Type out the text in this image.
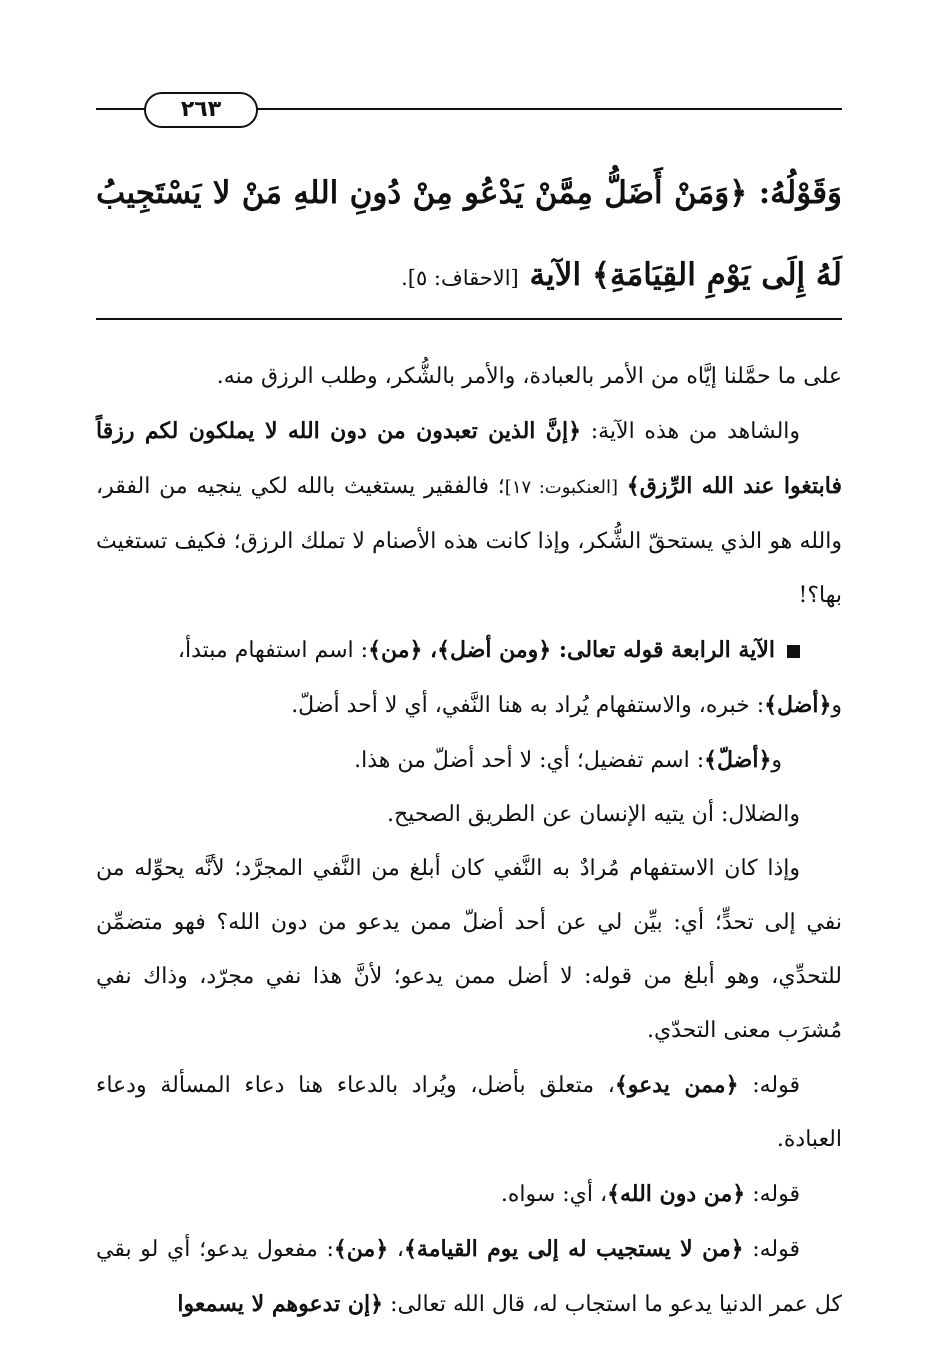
٢٦٣
وَقَوْلُهُ: ﴿وَمَنْ أَضَلُّ مِمَّنْ يَدْعُو مِنْ دُونِ اللهِ مَنْ لا يَسْتَجِيبُ لَهُ إِلَى يَوْمِ القِيَامَةِ﴾ الآية [الاحقاف: ٥].

على ما حمَّلنا إيَّاه من الأمر بالعبادة، والأمر بالشُّكر، وطلب الرزق منه.

والشاهد من هذه الآية: ﴿إنَّ الذين تعبدون من دون الله لا يملكون لكم رزقاً فابتغوا عند الله الرِّزق﴾ [العنكبوت: ١٧]؛ فالفقير يستغيث بالله لكي ينجيه من الفقر، والله هو الذي يستحقّ الشُّكر، وإذا كانت هذه الأصنام لا تملك الرزق؛ فكيف تستغيث بها؟!

الآية الرابعة قوله تعالى: ﴿ومن أضل﴾، ﴿من﴾: اسم استفهام مبتدأ،

و﴿أضل﴾: خبره، والاستفهام يُراد به هنا النَّفي، أي لا أحد أضلّ.

و﴿أضلّ﴾: اسم تفضيل؛ أي: لا أحد أضلّ من هذا.

والضلال: أن يتيه الإنسان عن الطريق الصحيح.

وإذا كان الاستفهام مُرادٌ به النَّفي كان أبلغ من النَّفي المجرَّد؛ لأنَّه يحوِّله من نفي إلى تحدٍّ؛ أي: بيِّن لي عن أحد أضلّ ممن يدعو من دون الله؟ فهو متضمِّن للتحدِّي، وهو أبلغ من قوله: لا أضل ممن يدعو؛ لأنَّ هذا نفي مجرّد، وذاك نفي مُشرَب معنى التحدّي.

قوله: ﴿ممن يدعو﴾، متعلق بأضل، ويُراد بالدعاء هنا دعاء المسألة ودعاء العبادة.

قوله: ﴿من دون الله﴾، أي: سواه.

قوله: ﴿من لا يستجيب له إلى يوم القيامة﴾، ﴿من﴾: مفعول يدعو؛ أي لو بقي كل عمر الدنيا يدعو ما استجاب له، قال الله تعالى: ﴿إن تدعوهم لا يسمعوا
